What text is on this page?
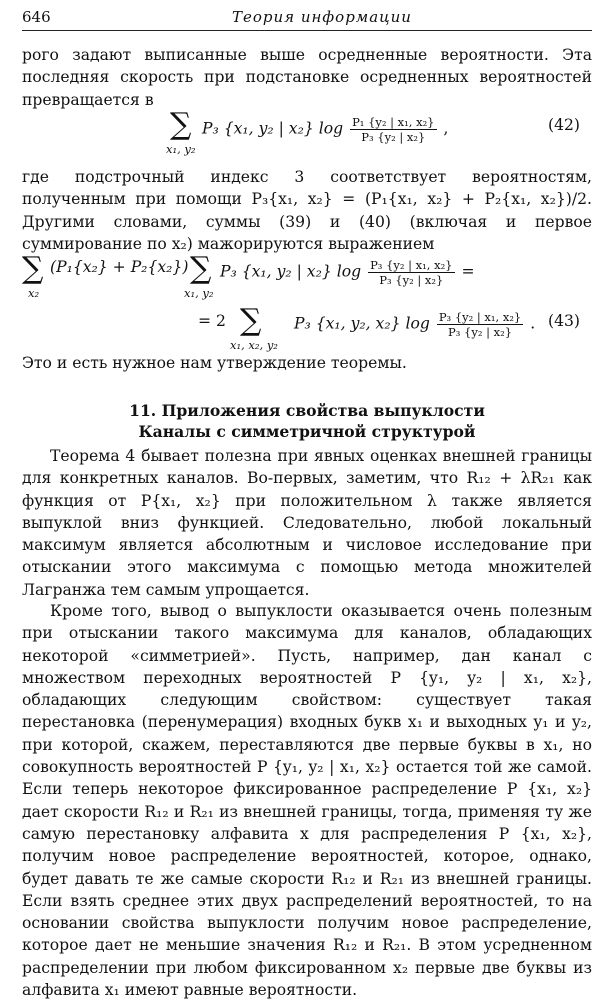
646	Теория информации

рого задают выписанные выше осредненные вероятности. Эта последняя скорость при подстановке осредненных вероятностей превращается в

∑
x₁, y₂
P₃ {x₁, y₂ | x₂} $\log \frac{\text{P₁ \{y₂ | x₁, x₂\}}}{\text{P₃ \{y₂ | x₂\}}}$ ,	(42)

где подстрочный индекс 3 соответствует вероятностям, полученным при помощи P₃{x₁, x₂} = (P₁{x₁, x₂} + P₂{x₁, x₂})/2. Другими словами, суммы (39) и (40) (включая и первое суммирование по x₂) мажорируются выражением

∑
x₂
(P₁{x₂} + P₂{x₂}) ∑
x₁, y₂
P₃ {x₁, y₂ | x₂} $\log \frac{\text{P₃ \{y₂ | x₁, x₂\}}}{\text{P₃ \{y₂ | x₂\}}}$ =
= 2 ∑
x₁, x₂, y₂
P₃ {x₁, y₂, x₂} $\log \frac{\text{P₃ \{y₂ | x₁, x₂\}}}{\text{P₃ \{y₂ | x₂\}}}$ . (43)

Это и есть нужное нам утверждение теоремы.

11. Приложения свойства выпуклости
Каналы с симметричной структурой

Теорема 4 бывает полезна при явных оценках внешней границы для конкретных каналов. Во-первых, заметим, что R₁₂ + λR₂₁ как функция от P{x₁, x₂} при положительном λ также является выпуклой вниз функцией. Следовательно, любой локальный максимум является абсолютным и числовое исследование при отыскании этого максимума с помощью метода множителей Лагранжа тем самым упрощается.

Кроме того, вывод о выпуклости оказывается очень полезным при отыскании такого максимума для каналов, обладающих некоторой «симметрией». Пусть, например, дан канал с множеством переходных вероятностей P {y₁, y₂ | x₁, x₂}, обладающих следующим свойством: существует такая перестановка (перенумерация) входных букв x₁ и выходных y₁ и y₂, при которой, скажем, переставляются две первые буквы в x₁, но совокупность вероятностей P {y₁, y₂ | x₁, x₂} остается той же самой. Если теперь некоторое фиксированное распределение P {x₁, x₂} дает скорости R₁₂ и R₂₁ из внешней границы, тогда, применяя ту же самую перестановку алфавита x для распределения P {x₁, x₂}, получим новое распределение вероятностей, которое, однако, будет давать те же самые скорости R₁₂ и R₂₁ из внешней границы. Если взять среднее этих двух распределений вероятностей, то на основании свойства выпуклости получим новое распределение, которое дает не меньшие значения R₁₂ и R₂₁. В этом усредненном распределении при любом фиксированном x₂ первые две буквы из алфавита x₁ имеют равные вероятности.
